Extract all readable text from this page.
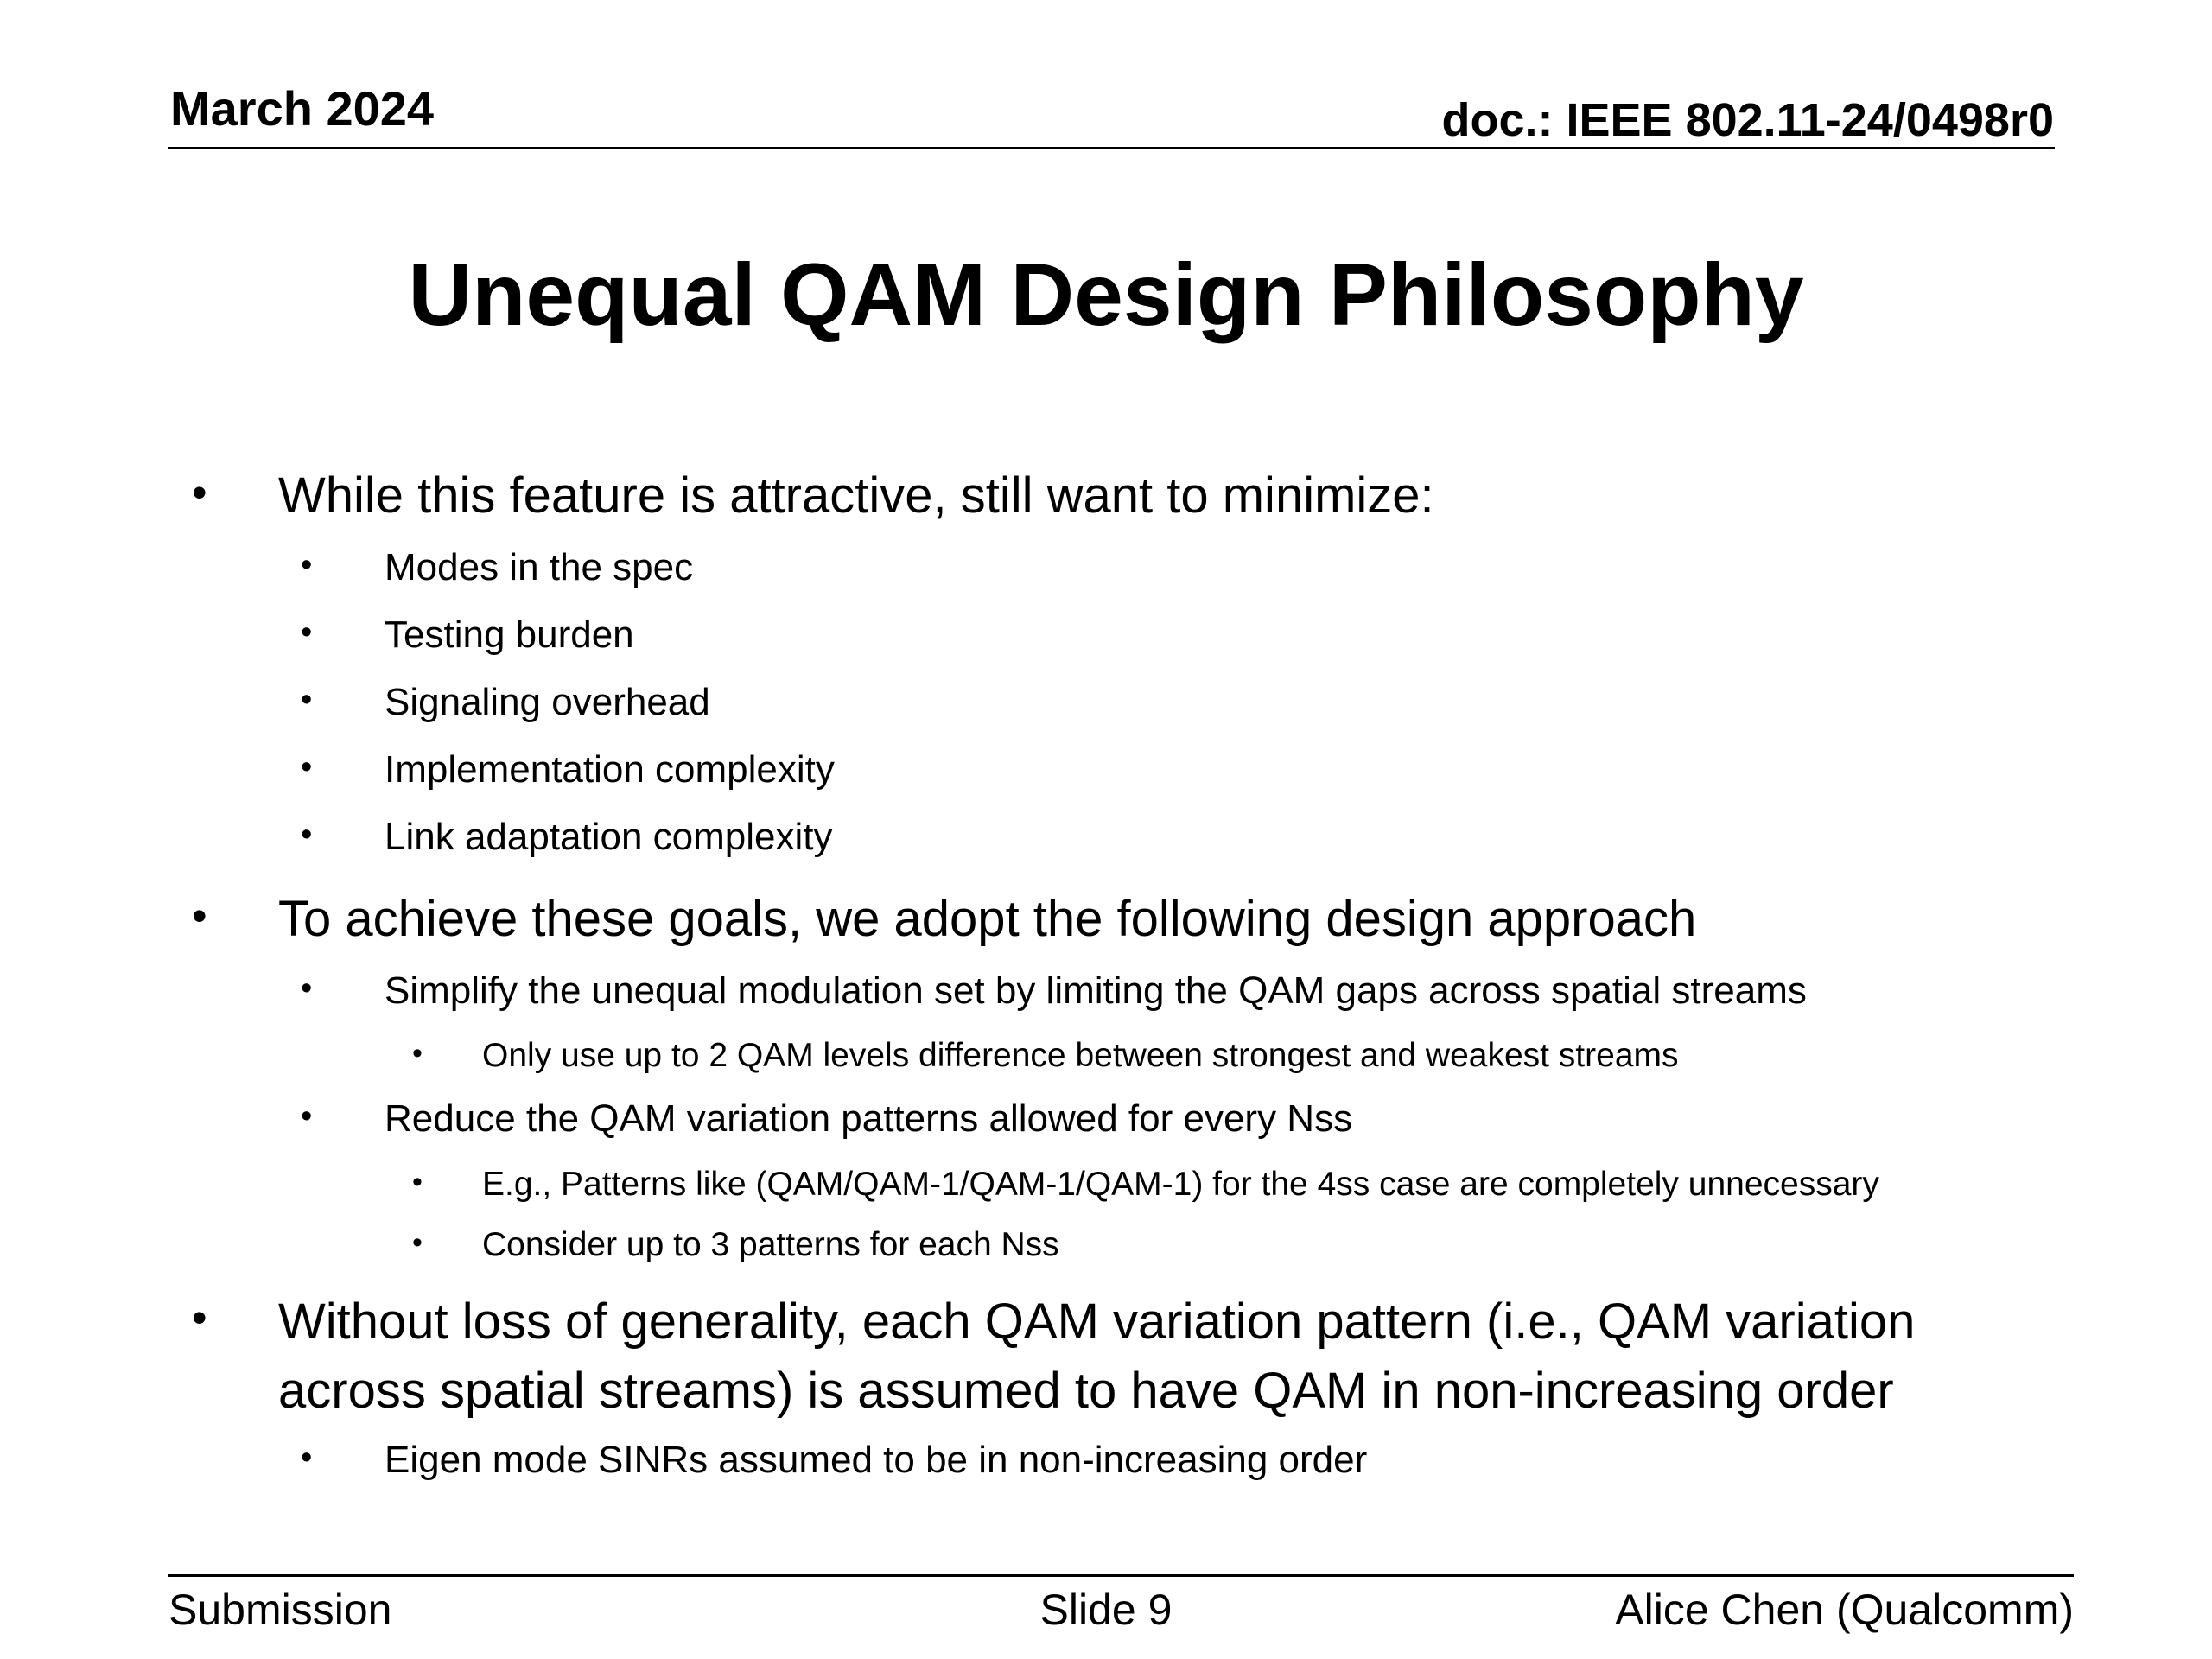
March 2024	doc.: IEEE 802.11-24/0498r0
Unequal QAM Design Philosophy
• While this feature is attractive, still want to minimize:
• Modes in the spec
• Testing burden
• Signaling overhead
• Implementation complexity
• Link adaptation complexity
• To achieve these goals, we adopt the following design approach
• Simplify the unequal modulation set by limiting the QAM gaps across spatial streams
• Only use up to 2 QAM levels difference between strongest and weakest streams
• Reduce the QAM variation patterns allowed for every Nss
• E.g., Patterns like (QAM/QAM-1/QAM-1/QAM-1) for the 4ss case are completely unnecessary
• Consider up to 3 patterns for each Nss
• Without loss of generality, each QAM variation pattern (i.e., QAM variation across spatial streams) is assumed to have QAM in non-increasing order
• Eigen mode SINRs assumed to be in non-increasing order
Submission	Slide 9	Alice Chen (Qualcomm)
